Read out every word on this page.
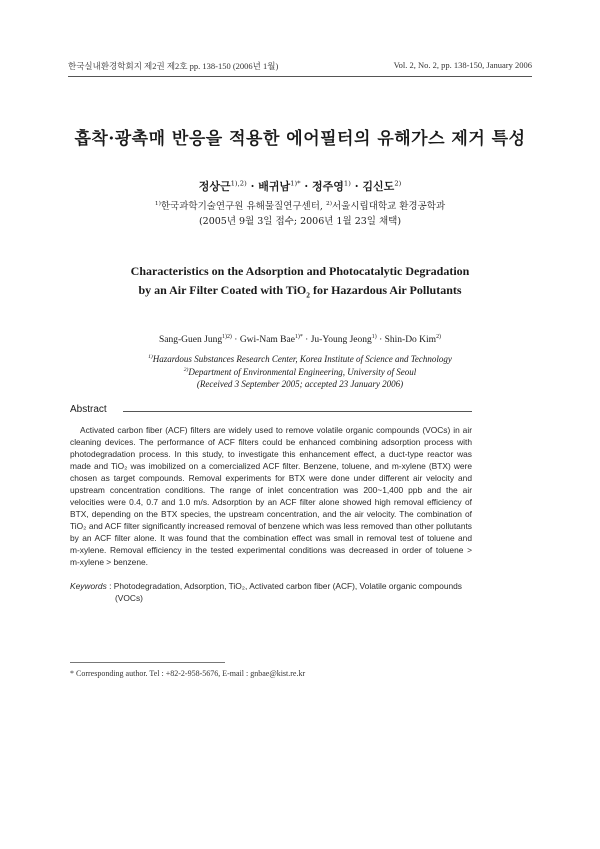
한국실내환경학회지 제2권 제2호 pp. 138-150 (2006년 1월)	Vol. 2, No. 2, pp. 138-150, January 2006
흡착·광촉매 반응을 적용한 에어필터의 유해가스 제거 특성
정상근$^{1),2)}$ · 배귀남$^{1)*}$ · 정주영$^{1)}$ · 김신도$^{2)}$
$^{1)}$한국과학기술연구원 유해물질연구센터, $^{2)}$서울시립대학교 환경공학과
(2005년 9월 3일 접수; 2006년 1월 23일 채택)
Characteristics on the Adsorption and Photocatalytic Degradation
by an Air Filter Coated with TiO$_2$ for Hazardous Air Pollutants
Sang-Guen Jung$^{1)2)}$ · Gwi-Nam Bae$^{1)*}$ · Ju-Young Jeong$^{1)}$ · Shin-Do Kim$^{2)}$
$^{1)}$Hazardous Substances Research Center, Korea Institute of Science and Technology
$^{2)}$Department of Environmental Engineering, University of Seoul
(Received 3 September 2005; accepted 23 January 2006)
Abstract
Activated carbon fiber (ACF) filters are widely used to remove volatile organic compounds (VOCs) in air
cleaning devices. The performance of ACF filters could be enhanced combining adsorption process with
photodegradation process. In this study, to investigate this enhancement effect, a duct-type reactor was
made and TiO₂ was imobilized on a comercialized ACF filter. Benzene, toluene, and m-xylene (BTX) were
chosen as target compounds. Removal experiments for BTX were done under different air velocity and
upstream concentration conditions. The range of inlet concentration was 200~1,400 ppb and the air
velocities were 0.4, 0.7 and 1.0 m/s. Adsorption by an ACF filter alone showed high removal efficiency of
BTX, depending on the BTX species, the upstream concentration, and the air velocity. The combination of
TiO₂ and ACF filter significantly increased removal of benzene which was less removed than other pollutants
by an ACF filter alone. It was found that the combination effect was small in removal test of toluene and
m-xylene. Removal efficiency in the tested experimental conditions was decreased in order of toluene >
m-xylene > benzene.
Keywords : Photodegradation, Adsorption, TiO₂, Activated carbon fiber (ACF), Volatile organic compounds
(VOCs)
* Corresponding author. Tel : +82-2-958-5676, E-mail : gnbae@kist.re.kr
